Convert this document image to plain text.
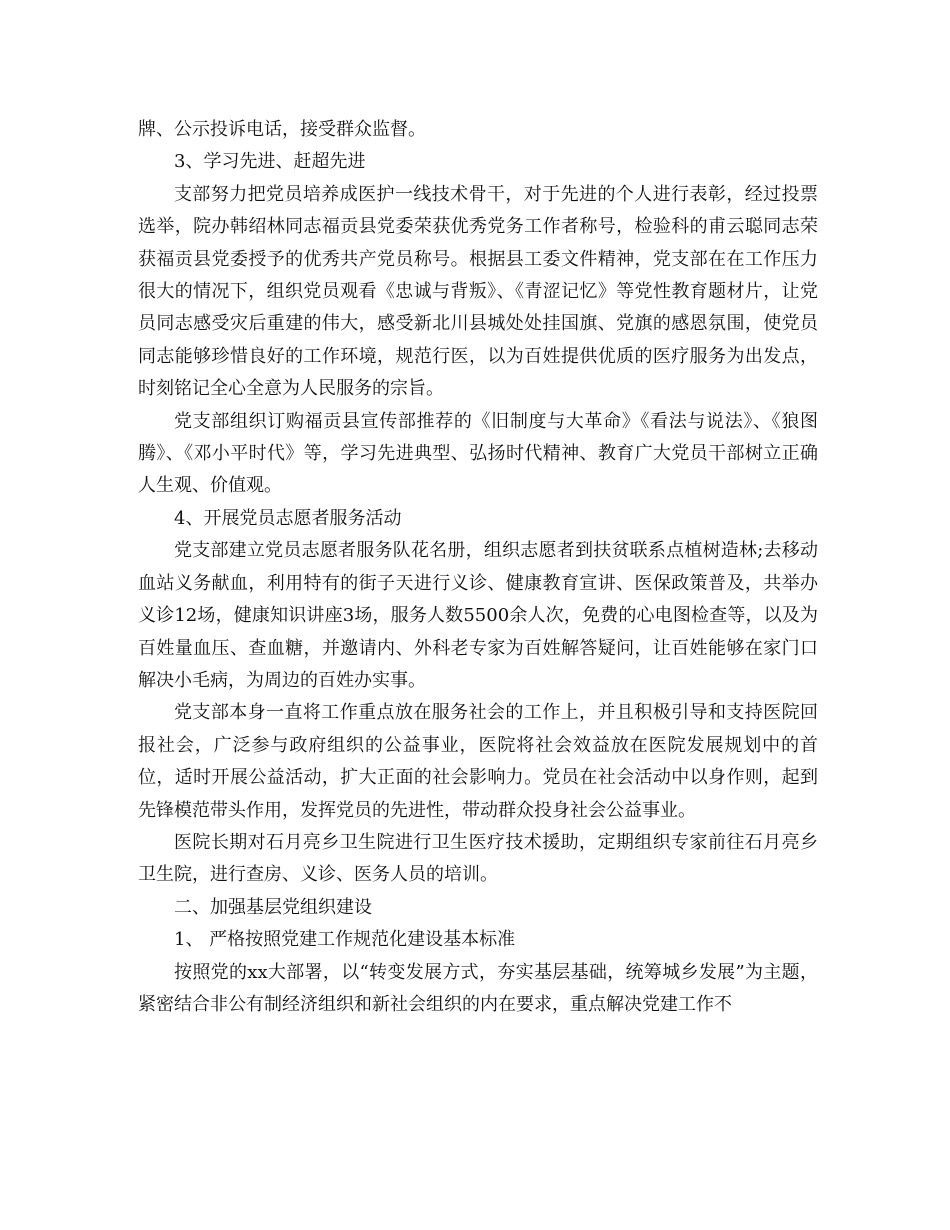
牌、公示投诉电话，接受群众监督。

3、学习先进、赶超先进

支部努力把党员培养成医护一线技术骨干，对于先进的个人进行表彰，经过投票选举，院办韩绍林同志福贡县党委荣获优秀党务工作者称号，检验科的甫云聪同志荣获福贡县党委授予的优秀共产党员称号。根据县工委文件精神，党支部在在工作压力很大的情况下，组织党员观看《忠诚与背叛》、《青涩记忆》等党性教育题材片，让党员同志感受灾后重建的伟大，感受新北川县城处处挂国旗、党旗的感恩氛围，使党员同志能够珍惜良好的工作环境，规范行医，以为百姓提供优质的医疗服务为出发点，时刻铭记全心全意为人民服务的宗旨。

党支部组织订购福贡县宣传部推荐的《旧制度与大革命》《看法与说法》、《狼图腾》、《邓小平时代》等，学习先进典型、弘扬时代精神、教育广大党员干部树立正确人生观、价值观。

4、开展党员志愿者服务活动

党支部建立党员志愿者服务队花名册，组织志愿者到扶贫联系点植树造林;去移动血站义务献血，利用特有的街子天进行义诊、健康教育宣讲、医保政策普及，共举办义诊12场，健康知识讲座3场，服务人数5500余人次，免费的心电图检查等，以及为百姓量血压、查血糖，并邀请内、外科老专家为百姓解答疑问，让百姓能够在家门口解决小毛病，为周边的百姓办实事。

党支部本身一直将工作重点放在服务社会的工作上，并且积极引导和支持医院回报社会，广泛参与政府组织的公益事业，医院将社会效益放在医院发展规划中的首位，适时开展公益活动，扩大正面的社会影响力。党员在社会活动中以身作则，起到先锋模范带头作用，发挥党员的先进性，带动群众投身社会公益事业。

医院长期对石月亮乡卫生院进行卫生医疗技术援助，定期组织专家前往石月亮乡卫生院，进行查房、义诊、医务人员的培训。

二、加强基层党组织建设

1、 严格按照党建工作规范化建设基本标准

按照党的xx大部署，以“转变发展方式，夯实基层基础，统筹城乡发展”为主题，紧密结合非公有制经济组织和新社会组织的内在要求，重点解决党建工作不
